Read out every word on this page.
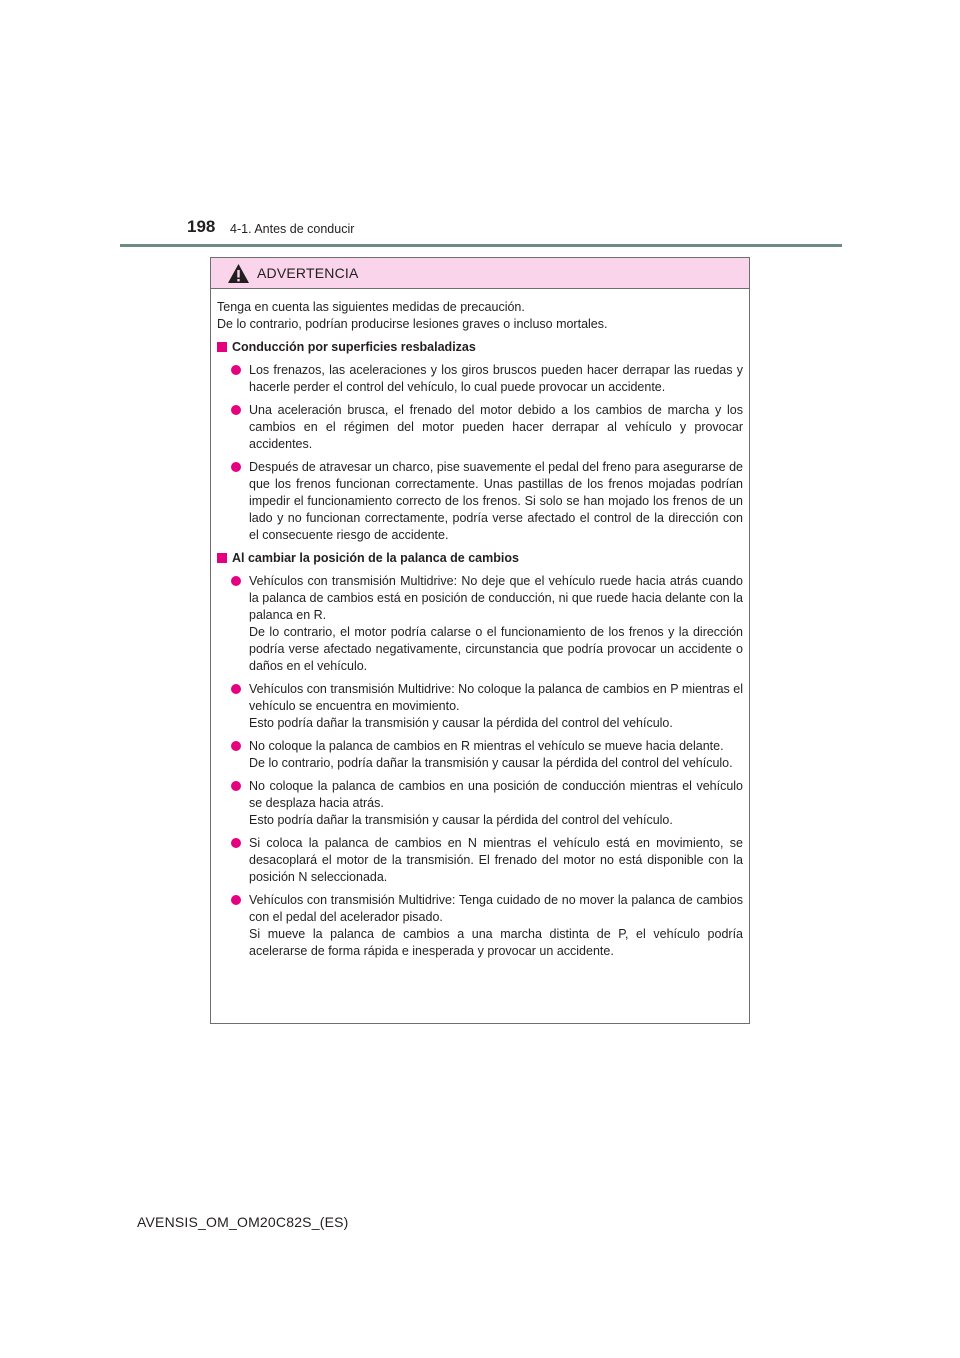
198 4-1. Antes de conducir
ADVERTENCIA

Tenga en cuenta las siguientes medidas de precaución.

De lo contrario, podrían producirse lesiones graves o incluso mortales.

Conducción por superficies resbaladizas

Los frenazos, las aceleraciones y los giros bruscos pueden hacer derrapar las ruedas y hacerle perder el control del vehículo, lo cual puede provocar un accidente.

Una aceleración brusca, el frenado del motor debido a los cambios de marcha y los cambios en el régimen del motor pueden hacer derrapar al vehículo y provocar accidentes.

Después de atravesar un charco, pise suavemente el pedal del freno para asegurarse de que los frenos funcionan correctamente. Unas pastillas de los frenos mojadas podrían impedir el funcionamiento correcto de los frenos. Si solo se han mojado los frenos de un lado y no funcionan correctamente, podría verse afectado el control de la dirección con el consecuente riesgo de accidente.

Al cambiar la posición de la palanca de cambios

Vehículos con transmisión Multidrive: No deje que el vehículo ruede hacia atrás cuando la palanca de cambios está en posición de conducción, ni que ruede hacia delante con la palanca en R.

De lo contrario, el motor podría calarse o el funcionamiento de los frenos y la dirección podría verse afectado negativamente, circunstancia que podría provocar un accidente o daños en el vehículo.

Vehículos con transmisión Multidrive: No coloque la palanca de cambios en P mientras el vehículo se encuentra en movimiento.

Esto podría dañar la transmisión y causar la pérdida del control del vehículo.

No coloque la palanca de cambios en R mientras el vehículo se mueve hacia delante.

De lo contrario, podría dañar la transmisión y causar la pérdida del control del vehículo.

No coloque la palanca de cambios en una posición de conducción mientras el vehículo se desplaza hacia atrás.

Esto podría dañar la transmisión y causar la pérdida del control del vehículo.

Si coloca la palanca de cambios en N mientras el vehículo está en movimiento, se desacoplará el motor de la transmisión. El frenado del motor no está disponible con la posición N seleccionada.

Vehículos con transmisión Multidrive: Tenga cuidado de no mover la palanca de cambios con el pedal del acelerador pisado.

Si mueve la palanca de cambios a una marcha distinta de P, el vehículo podría acelerarse de forma rápida e inesperada y provocar un accidente.

AVENSIS_OM_OM20C82S_(ES)
